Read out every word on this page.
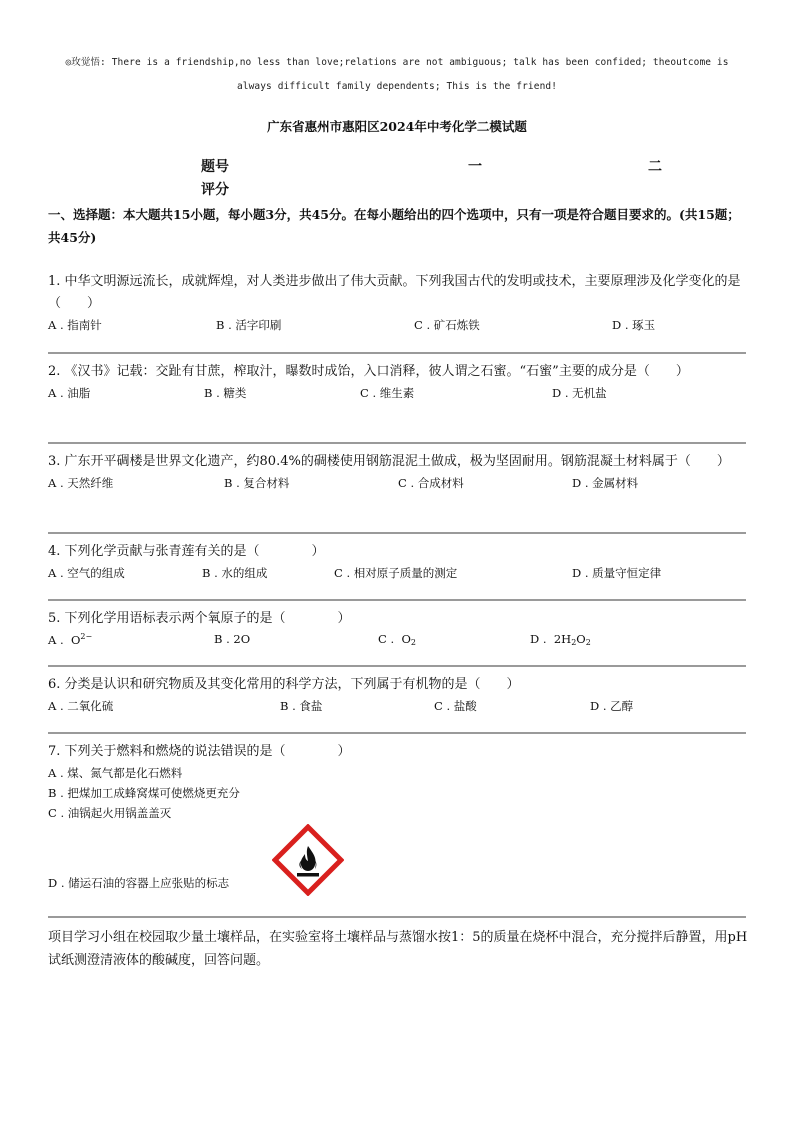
◎玫觉悟: There is a friendship,no less than love;relations are not ambiguous; talk has been confided; theoutcome is always difficult family dependents; This is the friend!
广东省惠州市惠阳区2024年中考化学二模试题
题号	一	二
评分
一、选择题：本大题共15小题，每小题3分，共45分。在每小题给出的四个选项中，只有一项是符合题目要求的。(共15题；共45分)
1. 中华文明源远流长，成就辉煌，对人类进步做出了伟大贡献。下列我国古代的发明或技术，主要原理涉及化学变化的是（　　）
A . 指南针	B . 活字印刷	C . 矿石炼铁	D . 琢玉
2. 《汉书》记载：交趾有甘蔗，榨取汁，曝数时成饴，入口消释，彼人谓之石蜜。“石蜜”主要的成分是（　　）
A . 油脂	B . 糖类	C . 维生素	D . 无机盐
3. 广东开平碉楼是世界文化遗产，约80.4%的碉楼使用钢筋混泥土做成，极为坚固耐用。钢筋混凝土材料属于（　　）
A . 天然纤维	B . 复合材料	C . 合成材料	D . 金属材料
4. 下列化学贡献与张青莲有关的是（　　　　）
A . 空气的组成	B . 水的组成	C . 相对原子质量的测定	D . 质量守恒定律
5. 下列化学用语标表示两个氧原子的是（　　　　）
A . $O^{2-}$	B . 2O	C . $O_2$	D . $2H_2O_2$
6. 分类是认识和研究物质及其变化常用的科学方法，下列属于有机物的是（　　）
A . 二氧化硫	B . 食盐	C . 盐酸	D . 乙醇
7. 下列关于燃料和燃烧的说法错误的是（　　　　）
A . 煤、氮气都是化石燃料
B . 把煤加工成蜂窝煤可使燃烧更充分
C . 油锅起火用锅盖盖灭
D . 储运石油的容器上应张贴的标志
项目学习小组在校园取少量土壤样品，在实验室将土壤样品与蒸馏水按1：5的质量在烧杯中混合，充分搅拌后静置，用pH试纸测澄清液体的酸碱度，回答问题。
